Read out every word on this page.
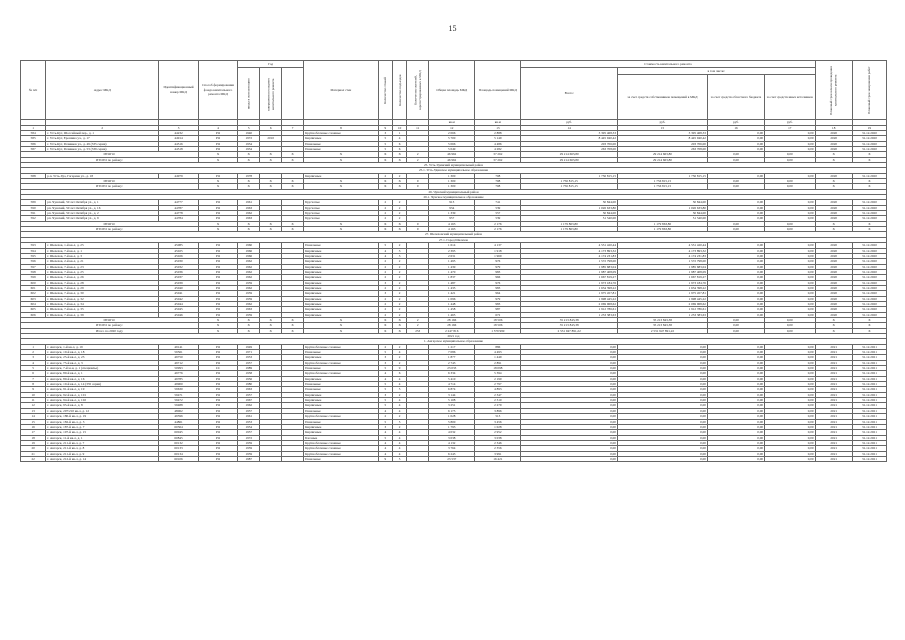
15
№ п/п	Адрес МКД	Идентификационный номер МКД	Способ формирования фонда капитального ремонта МКД	Год			Материал стен	Количество этажей	Количество подъездов	Количество жителей, зарегистрированных в МКД	Общая площадь МКД	Площадь помещений МКД	Стоимость капитального ремонта				Плановый срок начала проведения капитального ремонта	Плановый срок завершения работ
				ввода в эксплуатацию	завершения последнего капитального ремонта								Всего:	в том числе:				
														за счет средств собственников помещений в МКД	за счет средств областного бюджета	за счет средств иных источников		
											кв.м	кв.м	руб.	руб.	руб.	руб.		
1	2	3	4	5	6	7	8	9	10	11	12	13	14	15	16	17	18	19
584	г. Усть-Кут, Шоссейный пер., д. 1	44232	РО	1940			Крупноблочные сложные	3	1		2 066	2 888	3 395 468,33	3 395 468,33	0,00	0,00	2020	31.12.2020
585	г. Усть-Кут, Ерошина ул., д. 17	44914	РО	1972	2010		Кирпичные	5	4		5 700	5 149	8 445 940,42	8 445 940,42	0,00	0,00	2020	31.12.2020
586	г. Усть-Кут, Речников ул., д. 49 (335 серия)	44516	РО	1934			Панельные	5	6		5 066	4 486	203 706,00	203 706,00	0,00	0,00	2020	31.12.2020
587	г. Усть-Кут, Речников ул., д. 53 (339 серия)	44518	РО	1934			Панельные	5	6		5 049	4 282	263 708,00	263 708,00	0,00	0,00	2020	31.12.2020
ИТОГО:			X	X	X	X	X	X	X	2	46 962	37 262	29 214 663,80	29 214 663,80	0,00	0,00	X	X
ИТОГО по району:			X	X	X	X	X	X	X	2	46 962	37 262	29 214 663,80	29 214 663,80	0,00	0,00	X	X
25. Усть-Удинский муниципальный район																		
25.1. Усть-Удинское муниципальное образование																		
588	р.п. Усть-Уда, Гагарина ул., д. 18	44979	РО	1978			Кирпичные	2	2		1 300	708	1 756 815,15	1 756 815,15	0,00	0,00	2020	31.12.2020
ИТОГО:			X	X	X	X	X	X	X	0	1 300	708	1 756 815,15	1 756 815,15	0,00	0,00	X	X
ИТОГО по району:			X	X	X	X	X	X	X	0	1 300	708	1 756 815,15	1 756 815,15	0,00	0,00	X	X
26. Чунский муниципальный район																		
26.1. Чунское муниципальное образование																		
589	рп. Чунский, 50 лет Октября ул., д. 1	44777	РО	1961			Брусчатые	2	2		913	741	50 844,00	50 844,00	0,00	0,00	2020	31.12.2020
590	рп. Чунский, 50 лет Октября ул., д. 16	44787	РО	1963			Брусчатые	2	2		934	539	1 026 633,80	1 026 633,80	0,00	0,00	2020	31.12.2020
591	рп. Чунский, 50 лет Октября ул., д. 2	44778	РО	1962			Брусчатые	2	2		1 339	557	50 844,00	50 844,00	0,00	0,00	2020	31.12.2020
592	рп. Чунский, 50 лет Октября ул., д. 9	44784	РО	1963			Брусчатые	2	2		957	539	51 540,00	51 540,00	0,00	0,00	2020	31.12.2020
ИТОГО:			X	X	X	X	X	X	X	0	4 163	2 176	1 179 863,80	1 179 863,80	0,00	0,00	X	X
ИТОГО по району:			X	X	X	X	X	X	X	0	4 163	2 176	1 179 863,80	1 179 863,80	0,00	0,00	X	X
27. Шелеховский муниципальный район																		
27.1. Город Шелехов																		
593	г. Шелехов, 1-й кв-л, д. 25	45085	РО	1960			Панельные	5	2		1 614	4 137	4 531 420,44	4 531 420,44	0,00	0,00	2020	31.12.2020
594	г. Шелехов, 7-й кв-л, д. 1	45025	РО	1966			Кирпичные	4	3		2 395	1 918	4 173 893,32	4 173 893,32	0,00	0,00	2020	31.12.2020
595	г. Шелехов, 7-й кв-л, д. 3	45026	РО	1966			Кирпичные	4	3		2 631	1 969	4 174 231,83	4 174 231,83	0,00	0,00	2020	31.12.2020
596	г. Шелехов, 2-й кв-л, д. 21	45030	РО	1962			Кирпичные	2	2		1 495	976	1 572 798,00	1 572 798,00	0,00	0,00	2020	31.12.2020
597	г. Шелехов, 7-й кв-л, д. 23	45032	РО	1962			Кирпичные	2	2		1 439	979	1 985 683,04	1 985 683,04	0,00	0,00	2020	31.12.2020
598	г. Шелехов, 7-й кв-л, д. 25	45036	РО	1962			Кирпичные	2	2		1 470	983	1 987 408,09	1 987 408,09	0,00	0,00	2020	31.12.2020
599	г. Шелехов, 7-й кв-л, д. 26	45037	РО	1962			Кирпичные	2	2		1 837	966	1 667 819,27	1 667 819,27	0,00	0,00	2020	31.12.2020
600	г. Шелехов, 7-й кв-л, д. 28	45039	РО	1959			Кирпичные	3	2		1 487	976	1 973 184,76	1 973 184,76	0,00	0,00	2020	31.12.2020
601	г. Шелехов, 7-й кв-л, д. 29	45040	РО	1962			Кирпичные	2	2		1 435	983	1 634 398,22	1 634 398,22	0,00	0,00	2020	31.12.2020
602	г. Шелехов, 7-й кв-л, д. 30	45041	РО	1959			Кирпичные	3	2		1 421	964	1 975 457,81	1 975 457,81	0,00	0,00	2020	31.12.2020
603	г. Шелехов, 7-й кв-л, д. 32	45042	РО	1959			Кирпичные	2	2		1 096	979	1 998 445,22	1 998 445,22	0,00	0,00	2020	31.12.2020
604	г. Шелехов, 7-й кв-л, д. 34	45044	РО	1962			Кирпичные	2	2		1 448	983	2 069 968,62	2 069 968,62	0,00	0,00	2020	31.12.2020
605	г. Шелехов, 7-й кв-л, д. 35	45045	РО	1963			Кирпичные	2	2		1 458	987	1 912 786,61	1 912 786,61	0,00	0,00	2020	31.12.2020
606	г. Шелехов, 7-й кв-л, д. 39	45046	РО	1959			Кирпичные	2	2		1 465	672	1 253 383,63	1 253 383,63	0,00	0,00	2020	31.12.2020
ИТОГО:			X	X	X	X	X	X	X	2	28 166	18 506	35 213 843,38	35 213 843,38	0,00	0,00	X	X
ИТОГО по району:			X	X	X	X	X	X	X	2	28 166	18 506	35 213 843,38	35 213 843,38	0,00	0,00	X	X
Итого по 2020 году			X	X	X	X	X	X	X	253	2 247 816	1 579 999	2 531 947 891,22	2 531 947 891,22	0,00	0,00	X	X
2021 год																		
1. Ангарское муниципальное образование																		
1	г. Ангарск, 1-й кв-л, д. 19	49141	РО	1949			Крупноблочные сложные	2	2		1 217	886	0,00	0,00	0,00	0,00	2021	31.12.2021
2	г. Ангарск, 10-й кв-л, д. 18	59561	РО	1971			Панельные	5	4		7 086	4 493	0,00	0,00	0,00	0,00	2021	31.12.2021
3	г. Ангарск, 25-й кв-л, д. 23	49750	РО	1953			Кирпичные	3	2		1 877	1 449	0,00	0,00	0,00	0,00	2021	31.12.2021
4	г. Ангарск, 75-й кв-л, д. 3	49712	РО	1957			Крупноблочные сложные	3	2		2 743	2 891	0,00	0,00	0,00	0,00	2021	31.12.2021
5	г. Ангарск, 7-й м-н, д. 1 (спецжилье)	50993	СС	1989			Панельные	5	9		23 033	18 098	0,00	0,00	0,00	0,00	2021	31.12.2021
6	г. Ангарск, 80-й кв-л, д. 1	49776	РО	1958			Крупноблочные сложные	4	6		6 334	5 394	0,00	0,00	0,00	0,00	2021	31.12.2021
7	г. Ангарск, 80-й кв-л, д. 16	49785	РО	1956			Кирпичные	4	4		5 410	2 190	0,00	0,00	0,00	0,00	2021	31.12.2021
8	г. Ангарск, 10-й кв-л, д. 14 (335 серия)	49900	РО	1980			Панельные	5	4		4 714	2 797	0,00	0,00	0,00	0,00	2021	31.12.2021
9	г. Ангарск, 91-й кв-л, д. 19	59630	РО	1963			Панельные	5	5		6 874	4 893	0,00	0,00	0,00	0,00	2021	31.12.2021
10	г. Ангарск, 92-й кв-л, д. 101	59471	РО	1957			Кирпичные	3	2		3 144	2 347	0,00	0,00	0,00	0,00	2021	31.12.2021
11	г. Ангарск, 94-й кв-л, д. 102	59472	РО	1967			Кирпичные	5	4		5 108	2 310	0,00	0,00	0,00	0,00	2021	31.12.2021
12	г. Ангарск, 95-й кв-л, д. 8	59488	РО	1962			Кирпичные	5	4		3 251	2 279	0,00	0,00	0,00	0,00	2021	31.12.2021
13	г. Ангарск, 207/210 кв-л, д. 12	48062	РО	1957			Панельные	4	4		6 175	3 896	0,00	0,00	0,00	0,00	2021	31.12.2021
14	г. Ангарск, 180-й кв-л, д. 19	49596	РО	1961			Крупноблочные сложные	2	2		1 028	513	0,00	0,00	0,00	0,00	2021	31.12.2021
15	г. Ангарск, 182-й кв-л, д. 3	44861	РО	1953			Панельные	5	5		5 800	3 456	0,00	0,00	0,00	0,00	2021	31.12.2021
16	г. Ангарск, 187-й кв-л, д. 7	60364	РО	1954			Кирпичные	3	2		1 793	1 028	0,00	0,00	0,00	0,00	2021	31.12.2021
17	г. Ангарск, 107-й кв-л, д. 15	60045	РО	1957			Кирпичные	4	4		4 032	2 952	0,00	0,00	0,00	0,00	2021	31.12.2021
18	г. Ангарск, 11-й кв-л, д. 1	60845	РО	1972			Блочные	5	4		3 038	3 038	0,00	0,00	0,00	0,00	2021	31.12.2021
19	г. Ангарск, 211-й кв-л, д. 7	60132	РО	1959			Крупноблочные сложные	4	4		4 132	2 346	0,00	0,00	0,00	0,00	2021	31.12.2021
20	г. Ангарск, 211-й кв-л, д. 8	60133	РО	1959			Крупноблочные сложные	4	4		3 764	2 356	0,00	0,00	0,00	0,00	2021	31.12.2021
21	г. Ангарск, 211-й кв-л, д. 9	60134	РО	1959			Крупноблочные сложные	4	4		6 243	3 991	0,00	0,00	0,00	0,00	2021	31.12.2021
22	г. Ангарск, 212-й кв-л, д. 14	60106	РО	1987			Панельные	9	5		23 537	16 421	0,00	0,00	0,00	0,00	2021	31.12.2021
